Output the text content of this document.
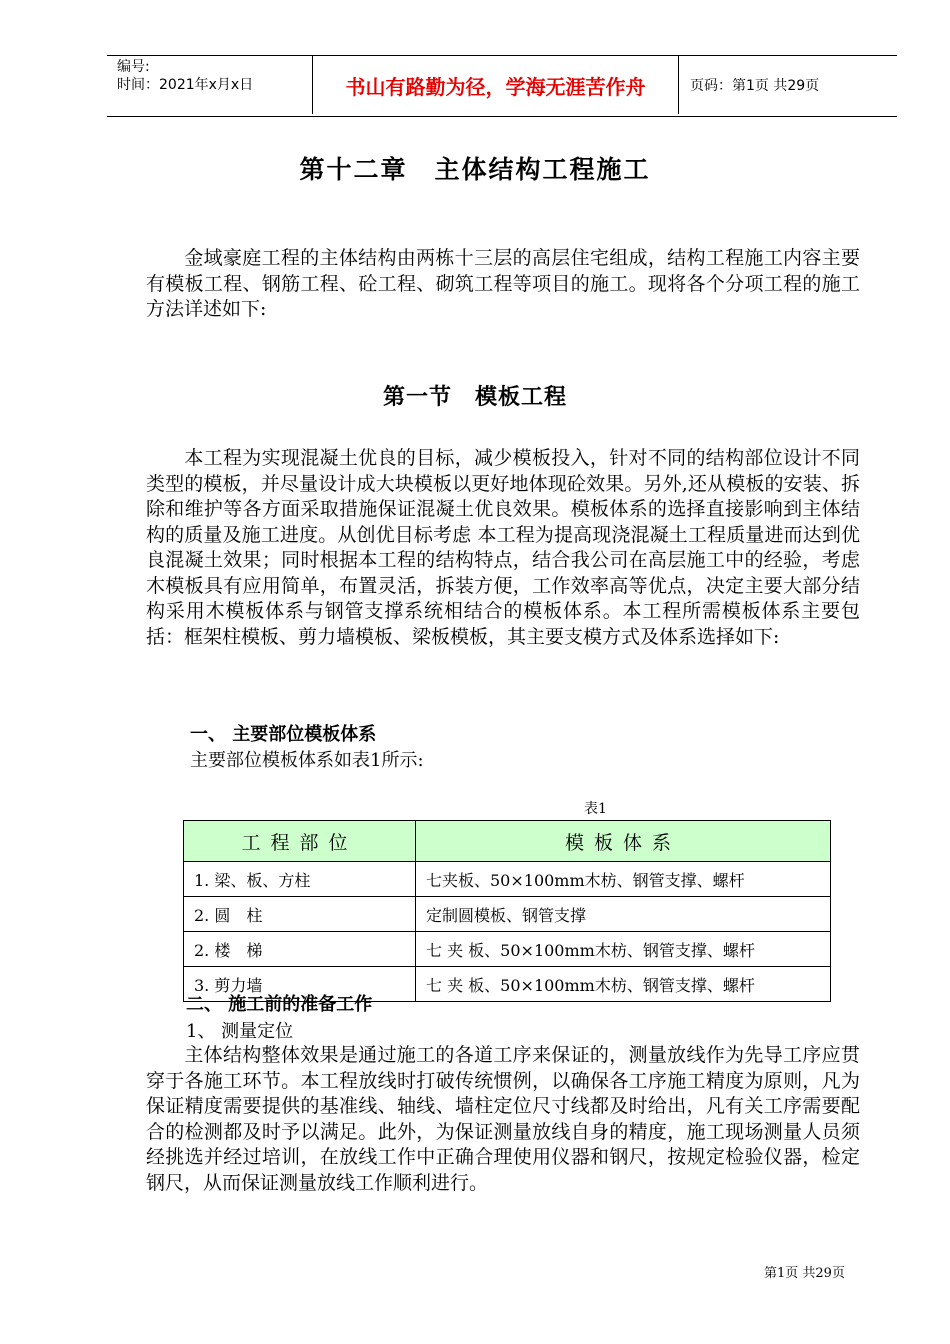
编号:
时间：2021年x月x日	书山有路勤为径，学海无涯苦作舟	页码：第1页 共29页
第十二章　主体结构工程施工
金域豪庭工程的主体结构由两栋十三层的高层住宅组成，结构工程施工内容主要有模板工程、钢筋工程、砼工程、砌筑工程等项目的施工。现将各个分项工程的施工方法详述如下:
第一节　模板工程
本工程为实现混凝土优良的目标，减少模板投入，针对不同的结构部位设计不同类型的模板，并尽量设计成大块模板以更好地体现砼效果。另外,还从模板的安装、拆除和维护等各方面采取措施保证混凝土优良效果。模板体系的选择直接影响到主体结构的质量及施工进度。从创优目标考虑 本工程为提高现浇混凝土工程质量进而达到优良混凝土效果；同时根据本工程的结构特点，结合我公司在高层施工中的经验，考虑木模板具有应用简单，布置灵活，拆装方便，工作效率高等优点，决定主要大部分结构采用木模板体系与钢管支撑系统相结合的模板体系。本工程所需模板体系主要包括：框架柱模板、剪力墙模板、梁板模板，其主要支模方式及体系选择如下:
一、 主要部位模板体系
主要部位模板体系如表1所示:
表1
工程部位	模板体系
1. 梁、板、方柱	七夹板、50×100mm木枋、钢管支撑、螺杆
2. 圆　柱	定制圆模板、钢管支撑
2. 楼　梯	七 夹 板、50×100mm木枋、钢管支撑、螺杆
3. 剪力墙	七 夹 板、50×100mm木枋、钢管支撑、螺杆
二、 施工前的准备工作
1、 测量定位
主体结构整体效果是通过施工的各道工序来保证的，测量放线作为先导工序应贯穿于各施工环节。本工程放线时打破传统惯例，以确保各工序施工精度为原则，凡为保证精度需要提供的基准线、轴线、墙柱定位尺寸线都及时给出，凡有关工序需要配合的检测都及时予以满足。此外，为保证测量放线自身的精度，施工现场测量人员须经挑选并经过培训，在放线工作中正确合理使用仪器和钢尺，按规定检验仪器，检定钢尺，从而保证测量放线工作顺利进行。
第1页 共29页
